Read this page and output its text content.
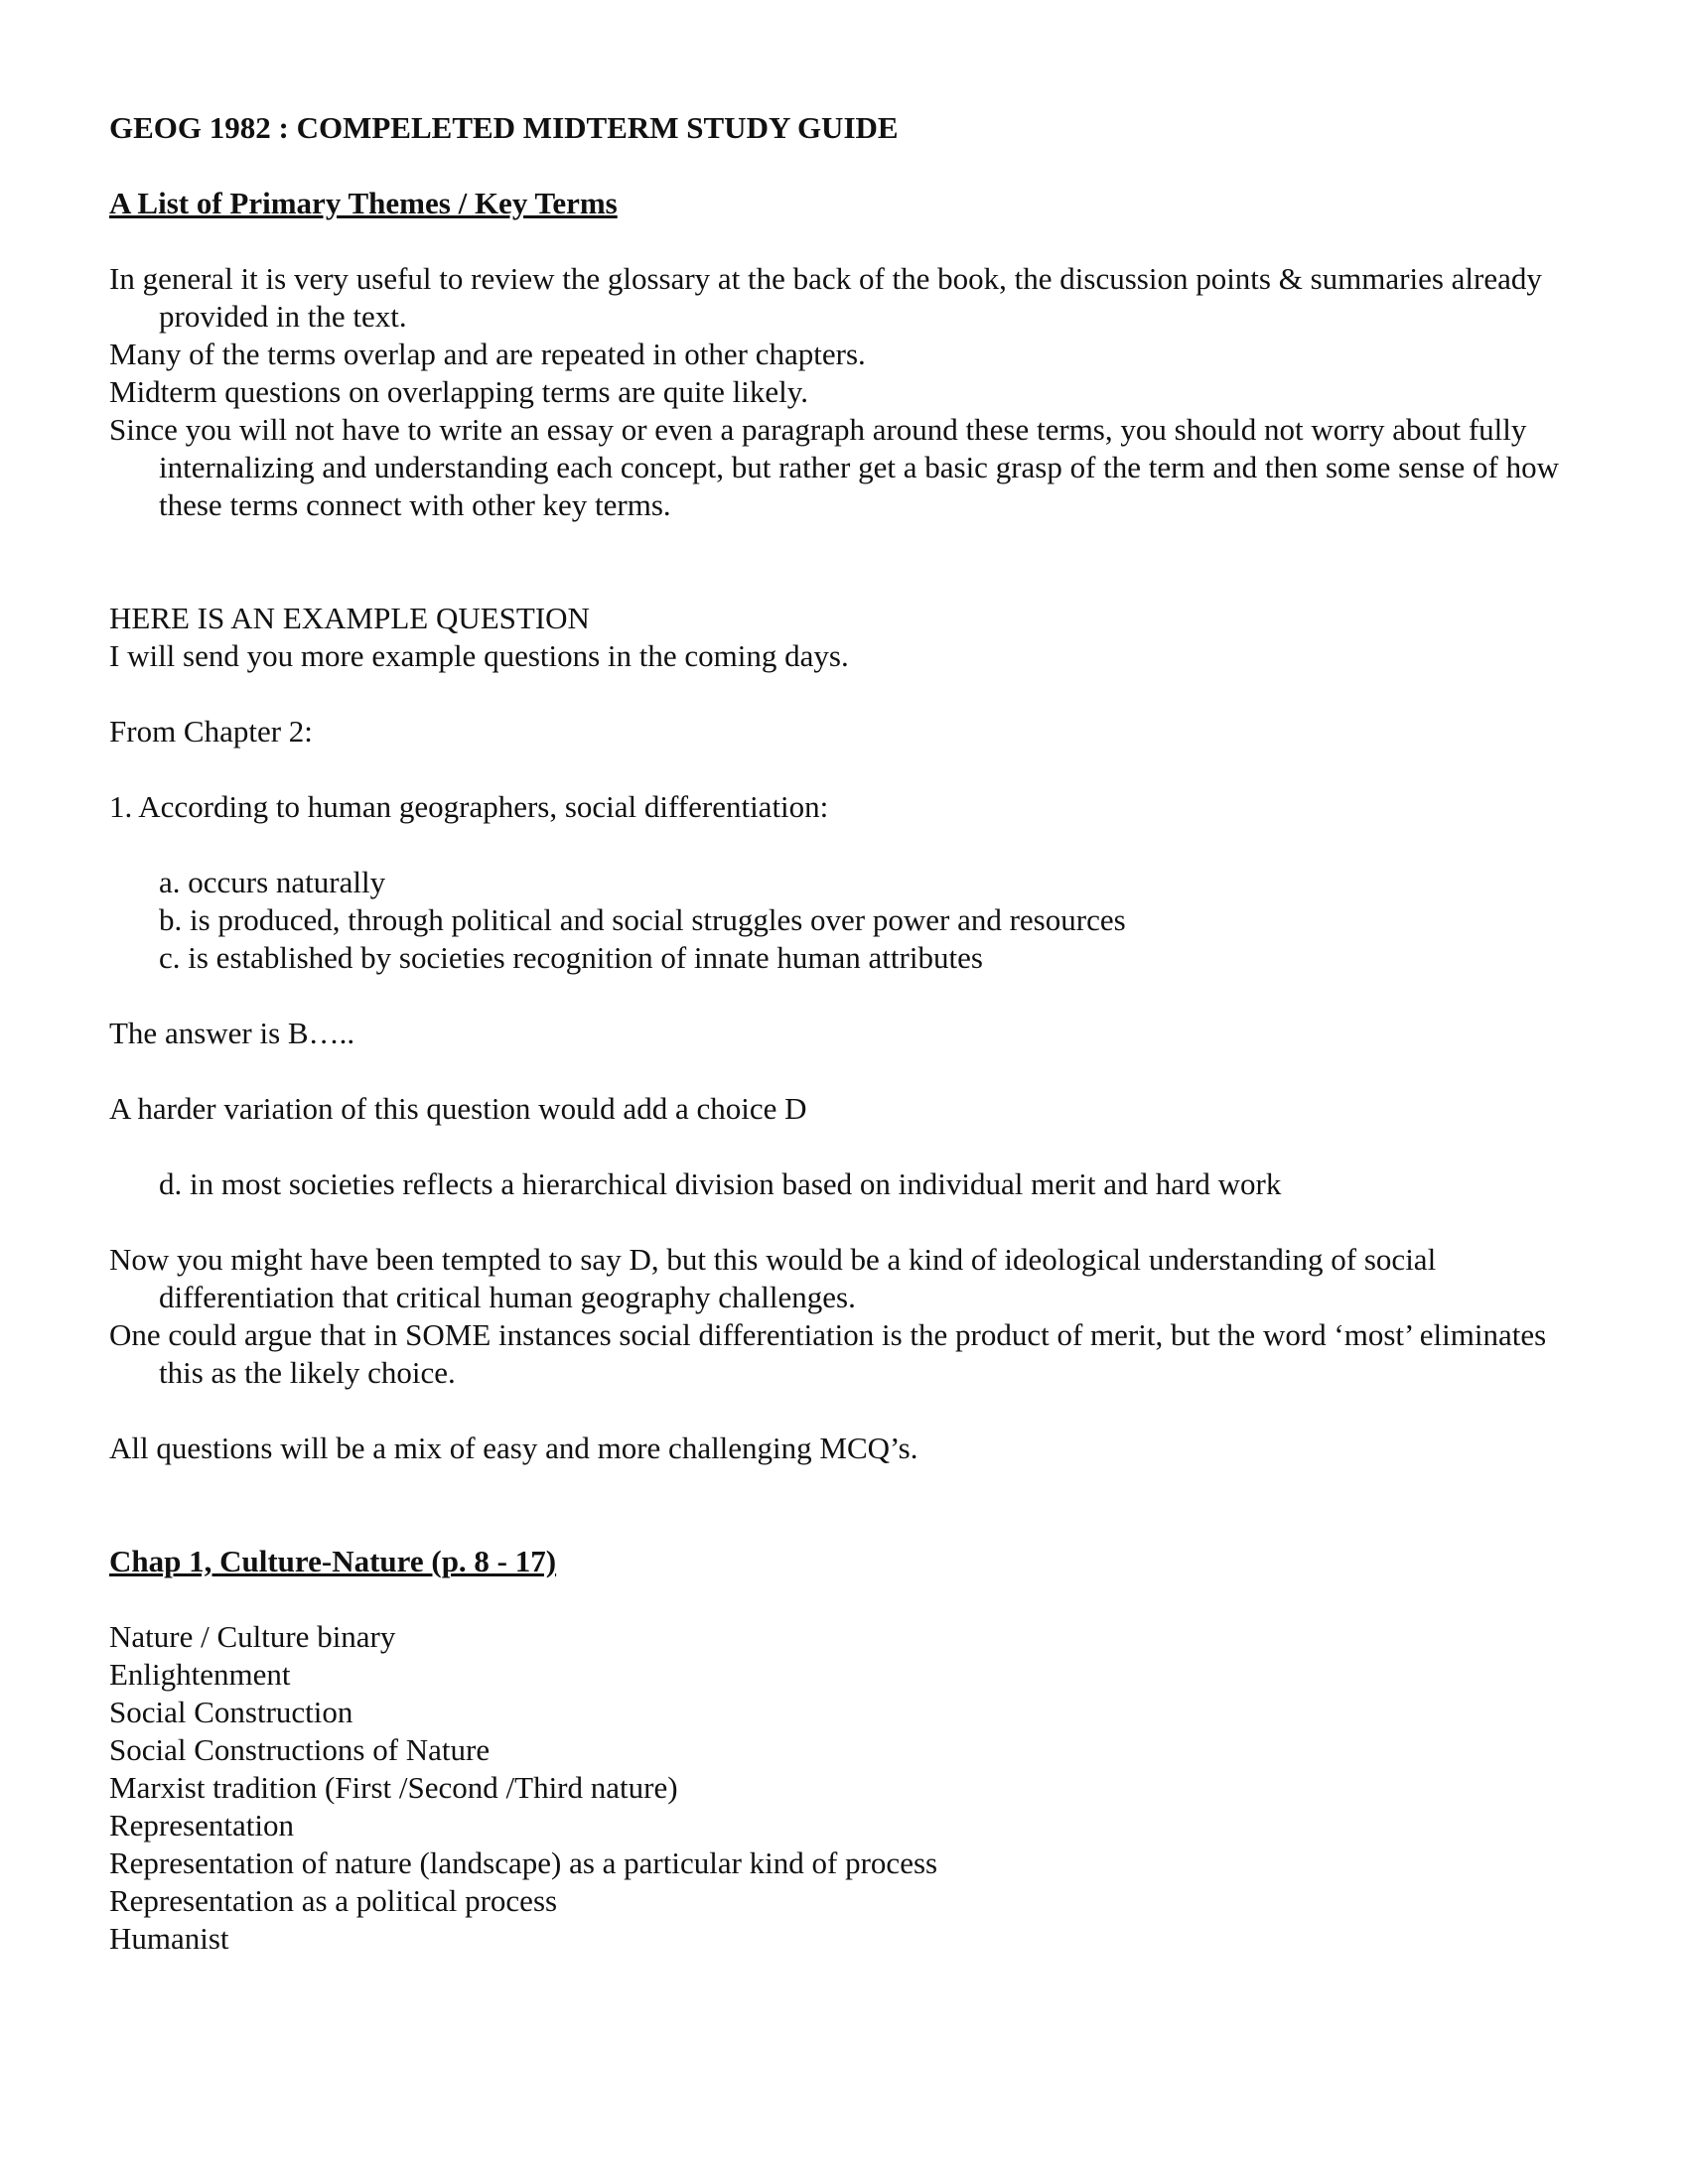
GEOG 1982 : COMPELETED MIDTERM STUDY GUIDE

A List of Primary Themes / Key Terms

In general it is very useful to review the glossary at the back of the book, the discussion points & summaries already provided in the text.

Many of the terms overlap and are repeated in other chapters.

Midterm questions on overlapping terms are quite likely.

Since you will not have to write an essay or even a paragraph around these terms, you should not worry about fully internalizing and understanding each concept, but rather get a basic grasp of the term and then some sense of how these terms connect with other key terms.

HERE IS AN EXAMPLE QUESTION

I will send you more example questions in the coming days.

From Chapter 2:

1. According to human geographers, social differentiation:

a. occurs naturally

b. is produced, through political and social struggles over power and resources

c. is established by societies recognition of innate human attributes

The answer is B…..

A harder variation of this question would add a choice D

d. in most societies reflects a hierarchical division based on individual merit and hard work

Now you might have been tempted to say D, but this would be a kind of ideological understanding of social differentiation that critical human geography challenges.

One could argue that in SOME instances social differentiation is the product of merit, but the word ‘most’ eliminates this as the likely choice.

All questions will be a mix of easy and more challenging MCQ’s.

Chap 1, Culture-Nature (p. 8 - 17)

Nature / Culture binary
Enlightenment
Social Construction
Social Constructions of Nature
Marxist tradition (First /Second /Third nature)
Representation
Representation of nature (landscape) as a particular kind of process
Representation as a political process
Humanist
